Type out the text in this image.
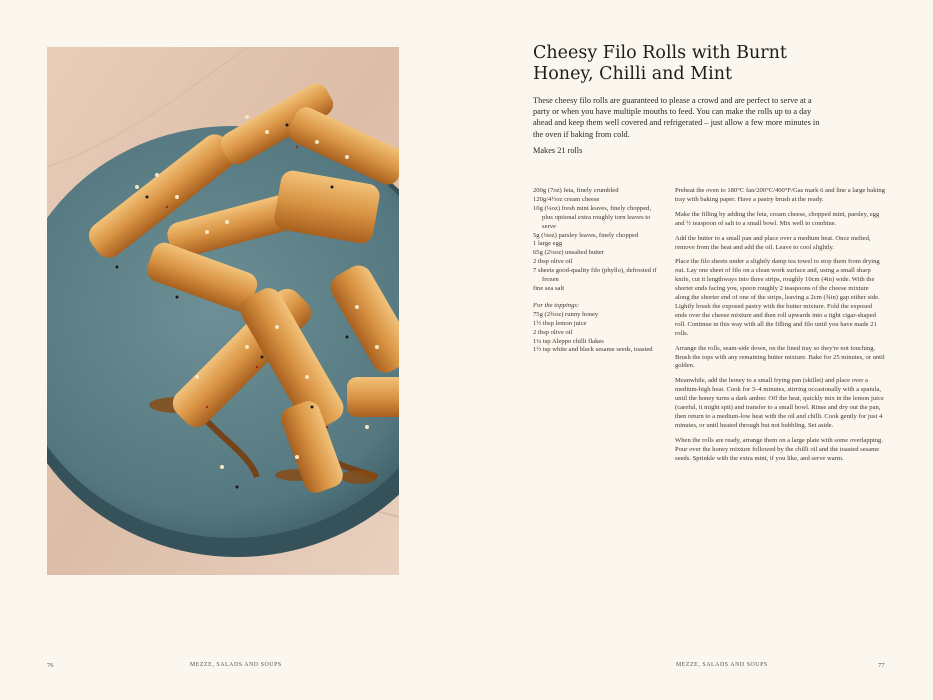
Cheesy Filo Rolls with Burnt Honey, Chilli and Mint

These cheesy filo rolls are guaranteed to please a crowd and are perfect to serve at a party or when you have multiple mouths to feed. You can make the rolls up to a day ahead and keep them well covered and refrigerated – just allow a few more minutes in the oven if baking from cold.

Makes 21 rolls

200g (7oz) feta, finely crumbled
120g/4½oz cream cheese
10g (¼oz) fresh mint leaves, finely chopped, plus optional extra roughly torn leaves to serve
5g (⅛oz) parsley leaves, finely chopped
1 large egg
65g (2¼oz) unsalted butter
2 tbsp olive oil
7 sheets good-quality filo (phyllo), defrosted if frozen
fine sea salt
For the toppings:
75g (2¾oz) runny honey
1½ tbsp lemon juice
2 tbsp olive oil
1¼ tsp Aleppo chilli flakes
1½ tsp white and black sesame seeds, toasted

Preheat the oven to 180°C fan/200°C/400°F/Gas mark 6 and line a large baking tray with baking paper. Have a pastry brush at the ready.

Make the filling by adding the feta, cream cheese, chopped mint, parsley, egg and ½ teaspoon of salt to a small bowl. Mix well to combine.

Add the butter to a small pan and place over a medium heat. Once melted, remove from the heat and add the oil. Leave to cool slightly.

Place the filo sheets under a slightly damp tea towel to stop them from drying out. Lay one sheet of filo on a clean work surface and, using a small sharp knife, cut it lengthways into three strips, roughly 10cm (4in) wide. With the shorter ends facing you, spoon roughly 2 teaspoons of the cheese mixture along the shorter end of one of the strips, leaving a 2cm (¾in) gap either side. Lightly brush the exposed pastry with the butter mixture. Fold the exposed ends over the cheese mixture and then roll upwards into a tight cigar-shaped roll. Continue in this way with all the filling and filo until you have made 21 rolls.

Arrange the rolls, seam-side down, on the lined tray so they're not touching. Brush the tops with any remaining butter mixture. Bake for 25 minutes, or until golden.

Meanwhile, add the honey to a small frying pan (skillet) and place over a medium-high heat. Cook for 3–4 minutes, stirring occasionally with a spatula, until the honey turns a dark amber. Off the heat, quickly mix in the lemon juice (careful, it might spit) and transfer to a small bowl. Rinse and dry out the pan, then return to a medium-low heat with the oil and chilli. Cook gently for just 4 minutes, or until heated through but not bubbling. Set aside.

When the rolls are ready, arrange them on a large plate with some overlapping. Pour over the honey mixture followed by the chilli oil and the toasted sesame seeds. Sprinkle with the extra mint, if you like, and serve warm.

76	MEZZE, SALADS AND SOUPS	MEZZE, SALADS AND SOUPS	77
